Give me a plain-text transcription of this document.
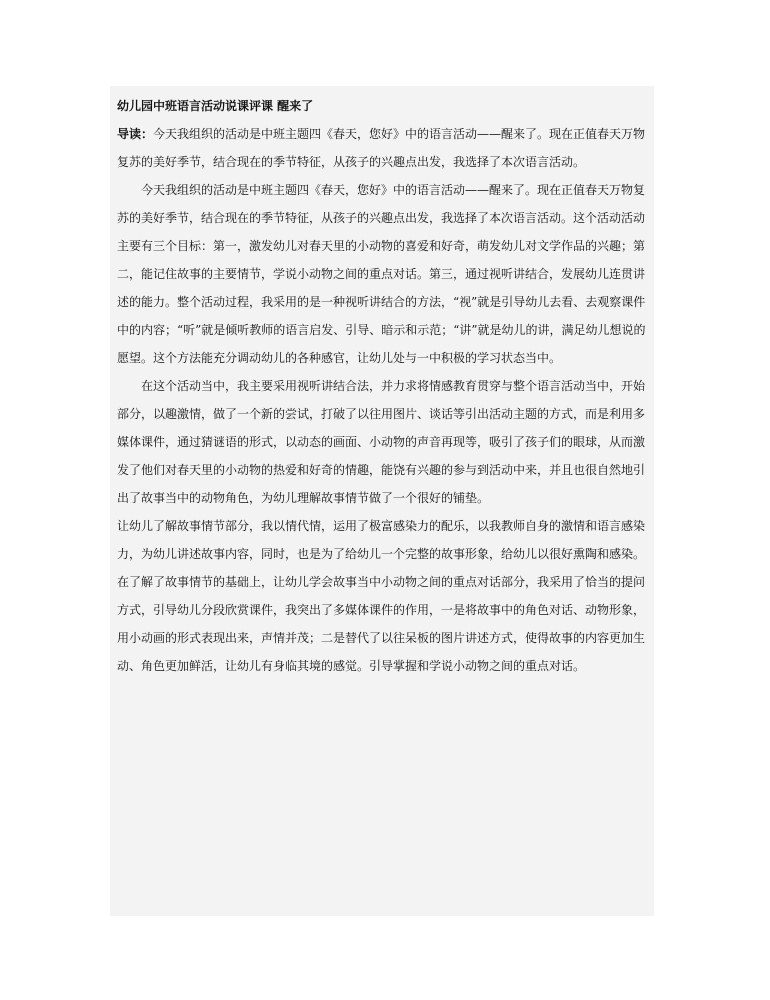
幼儿园中班语言活动说课评课 醒来了

导读：今天我组织的活动是中班主题四《春天，您好》中的语言活动——醒来了。现在正值春天万物复苏的美好季节，结合现在的季节特征，从孩子的兴趣点出发，我选择了本次语言活动。

今天我组织的活动是中班主题四《春天，您好》中的语言活动——醒来了。现在正值春天万物复苏的美好季节，结合现在的季节特征，从孩子的兴趣点出发，我选择了本次语言活动。这个活动活动主要有三个目标：第一，激发幼儿对春天里的小动物的喜爱和好奇，萌发幼儿对文学作品的兴趣；第二，能记住故事的主要情节，学说小动物之间的重点对话。第三，通过视听讲结合，发展幼儿连贯讲述的能力。整个活动过程，我采用的是一种视听讲结合的方法，“视”就是引导幼儿去看、去观察课件中的内容；“听”就是倾听教师的语言启发、引导、暗示和示范；“讲”就是幼儿的讲，满足幼儿想说的愿望。这个方法能充分调动幼儿的各种感官，让幼儿处与一中积极的学习状态当中。

在这个活动当中，我主要采用视听讲结合法，并力求将情感教育贯穿与整个语言活动当中，开始部分，以趣激情，做了一个新的尝试，打破了以往用图片、谈话等引出活动主题的方式，而是利用多媒体课件，通过猜谜语的形式，以动态的画面、小动物的声音再现等，吸引了孩子们的眼球，从而激发了他们对春天里的小动物的热爱和好奇的情趣，能饶有兴趣的参与到活动中来，并且也很自然地引出了故事当中的动物角色，为幼儿理解故事情节做了一个很好的铺垫。

让幼儿了解故事情节部分，我以情代情，运用了极富感染力的配乐，以我教师自身的激情和语言感染力，为幼儿讲述故事内容，同时，也是为了给幼儿一个完整的故事形象，给幼儿以很好熏陶和感染。在了解了故事情节的基础上，让幼儿学会故事当中小动物之间的重点对话部分，我采用了恰当的提问方式，引导幼儿分段欣赏课件，我突出了多媒体课件的作用，一是将故事中的角色对话、动物形象，用小动画的形式表现出来，声情并茂；二是替代了以往呆板的图片讲述方式，使得故事的内容更加生动、角色更加鲜活，让幼儿有身临其境的感觉。引导掌握和学说小动物之间的重点对话。
